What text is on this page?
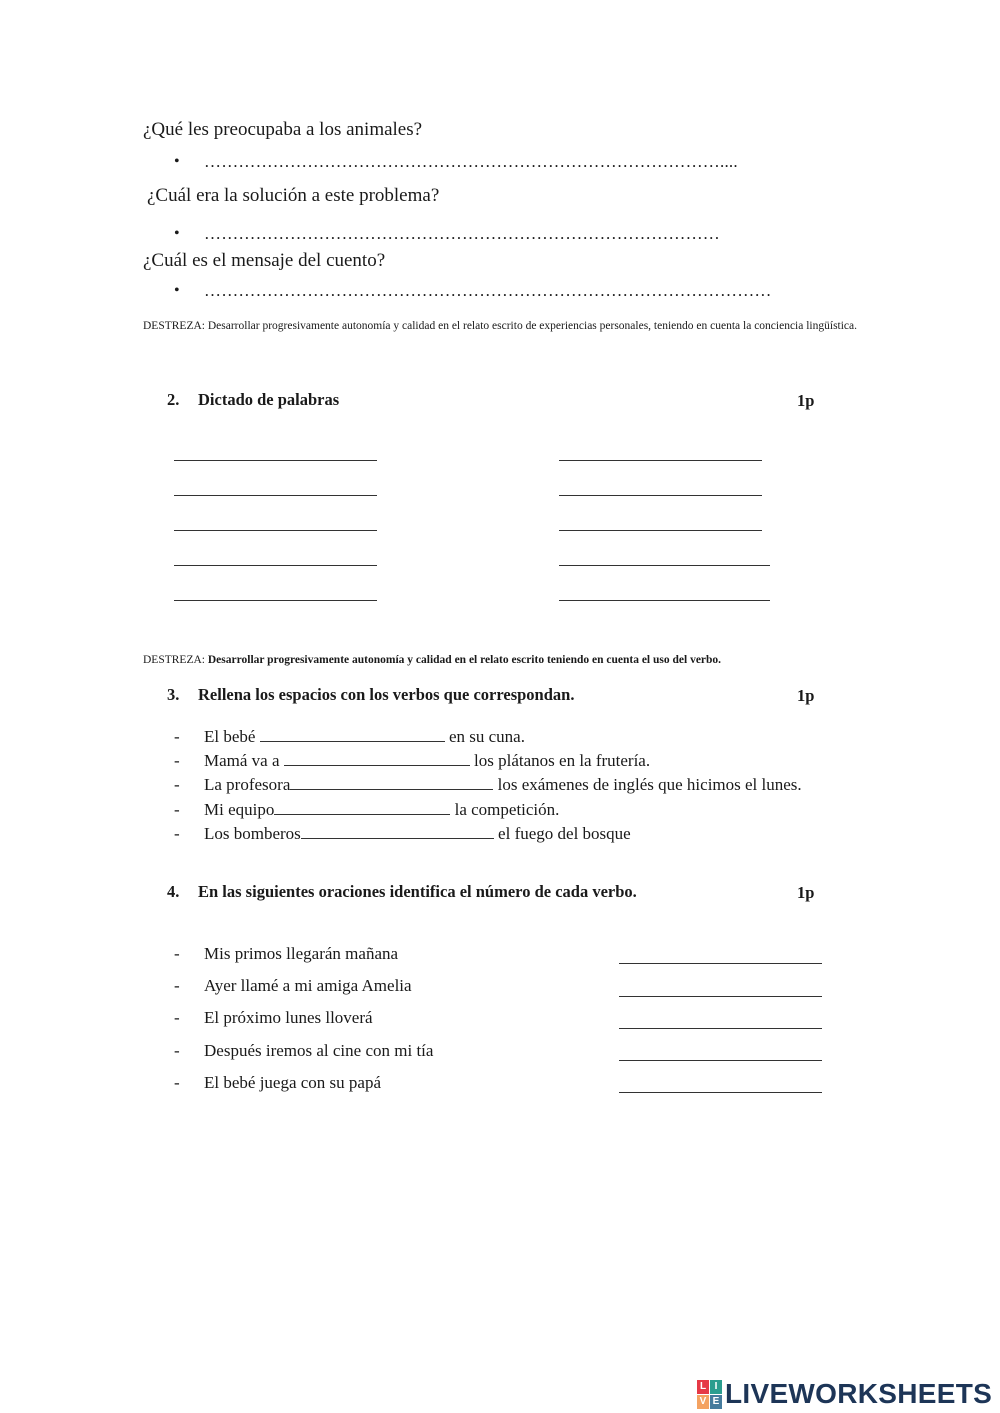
¿Qué les preocupaba a los animales?
• ………………………………………………………………………………....
¿Cuál era la solución a este problema?
• ………………………………………………………………………………
¿Cuál es el mensaje del cuento?
• ………………………………………………………………………………………
DESTREZA: Desarrollar progresivamente autonomía y calidad en el relato escrito de experiencias personales, teniendo en cuenta la conciencia lingüística.
2. Dictado de palabras	1p
DESTREZA: Desarrollar progresivamente autonomía y calidad en el relato escrito teniendo en cuenta el uso del verbo.
3. Rellena los espacios con los verbos que correspondan.	1p
- El bebé	en su cuna.
- Mamá va a	los plátanos en la frutería.
- La profesora	los exámenes de inglés que hicimos el lunes.
- Mi equipo	la competición.
- Los bomberos	el fuego del bosque
4. En las siguientes oraciones identifica el número de cada verbo.	1p
- Mis primos llegarán mañana
- Ayer llamé a mi amiga Amelia
- El próximo lunes lloverá
- Después iremos al cine con mi tía
- El bebé juega con su papá
L I
V E LIVEWORKSHEETS
